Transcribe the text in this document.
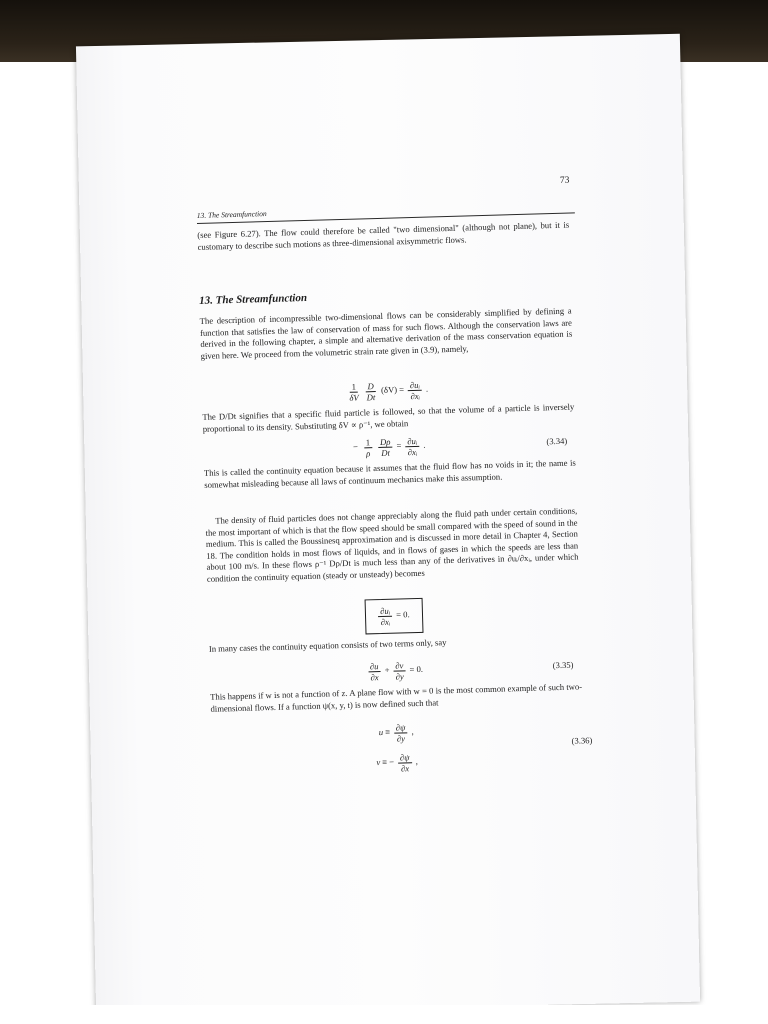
73
13. The Streamfunction
(see Figure 6.27). The flow could therefore be called "two dimensional" (although not plane), but it is customary to describe such motions as three-dimensional axisymmetric flows.
13. The Streamfunction
The description of incompressible two-dimensional flows can be considerably simplified by defining a function that satisfies the law of conservation of mass for such flows. Although the conservation laws are derived in the following chapter, a simple and alternative derivation of the mass conservation equation is given here. We proceed from the volumetric strain rate given in (3.9), namely,
$\frac{1}{\delta V} \frac{D}{Dt} (\delta V) = \frac{\text{∂uᵢ}}{\text{∂xᵢ}}$ .
The D/Dt signifies that a specific fluid particle is followed, so that the volume of a particle is inversely proportional to its density. Substituting δV ∝ ρ⁻¹, we obtain
− $\frac{1}{\rho} \frac{D\rho}{Dt} = \frac{\text{∂uᵢ}}{\text{∂xᵢ}}$ .	(3.34)
This is called the continuity equation because it assumes that the fluid flow has no voids in it; the name is somewhat misleading because all laws of continuum mechanics make this assumption.
The density of fluid particles does not change appreciably along the fluid path under certain conditions, the most important of which is that the flow speed should be small compared with the speed of sound in the medium. This is called the Boussinesq approximation and is discussed in more detail in Chapter 4, Section 18. The condition holds in most flows of liquids, and in flows of gases in which the speeds are less than about 100 m/s. In these flows ρ⁻¹ Dρ/Dt is much less than any of the derivatives in ∂uᵢ/∂xᵢ, under which condition the continuity equation (steady or unsteady) becomes
$\frac{\text{∂uᵢ}}{\text{∂xᵢ}} = 0$.
In many cases the continuity equation consists of two terms only, say
$\frac{\partial u}{\partial x} + \frac{\partial v}{\partial y} = 0$.	(3.35)
This happens if w is not a function of z. A plane flow with w = 0 is the most common example of such two-dimensional flows. If a function ψ(x, y, t) is now defined such that
$u \equiv \frac{\partial\psi}{\partial y}$ ,
v ≡ − $\frac{\partial\psi}{\partial x}$ ,
(3.36)
